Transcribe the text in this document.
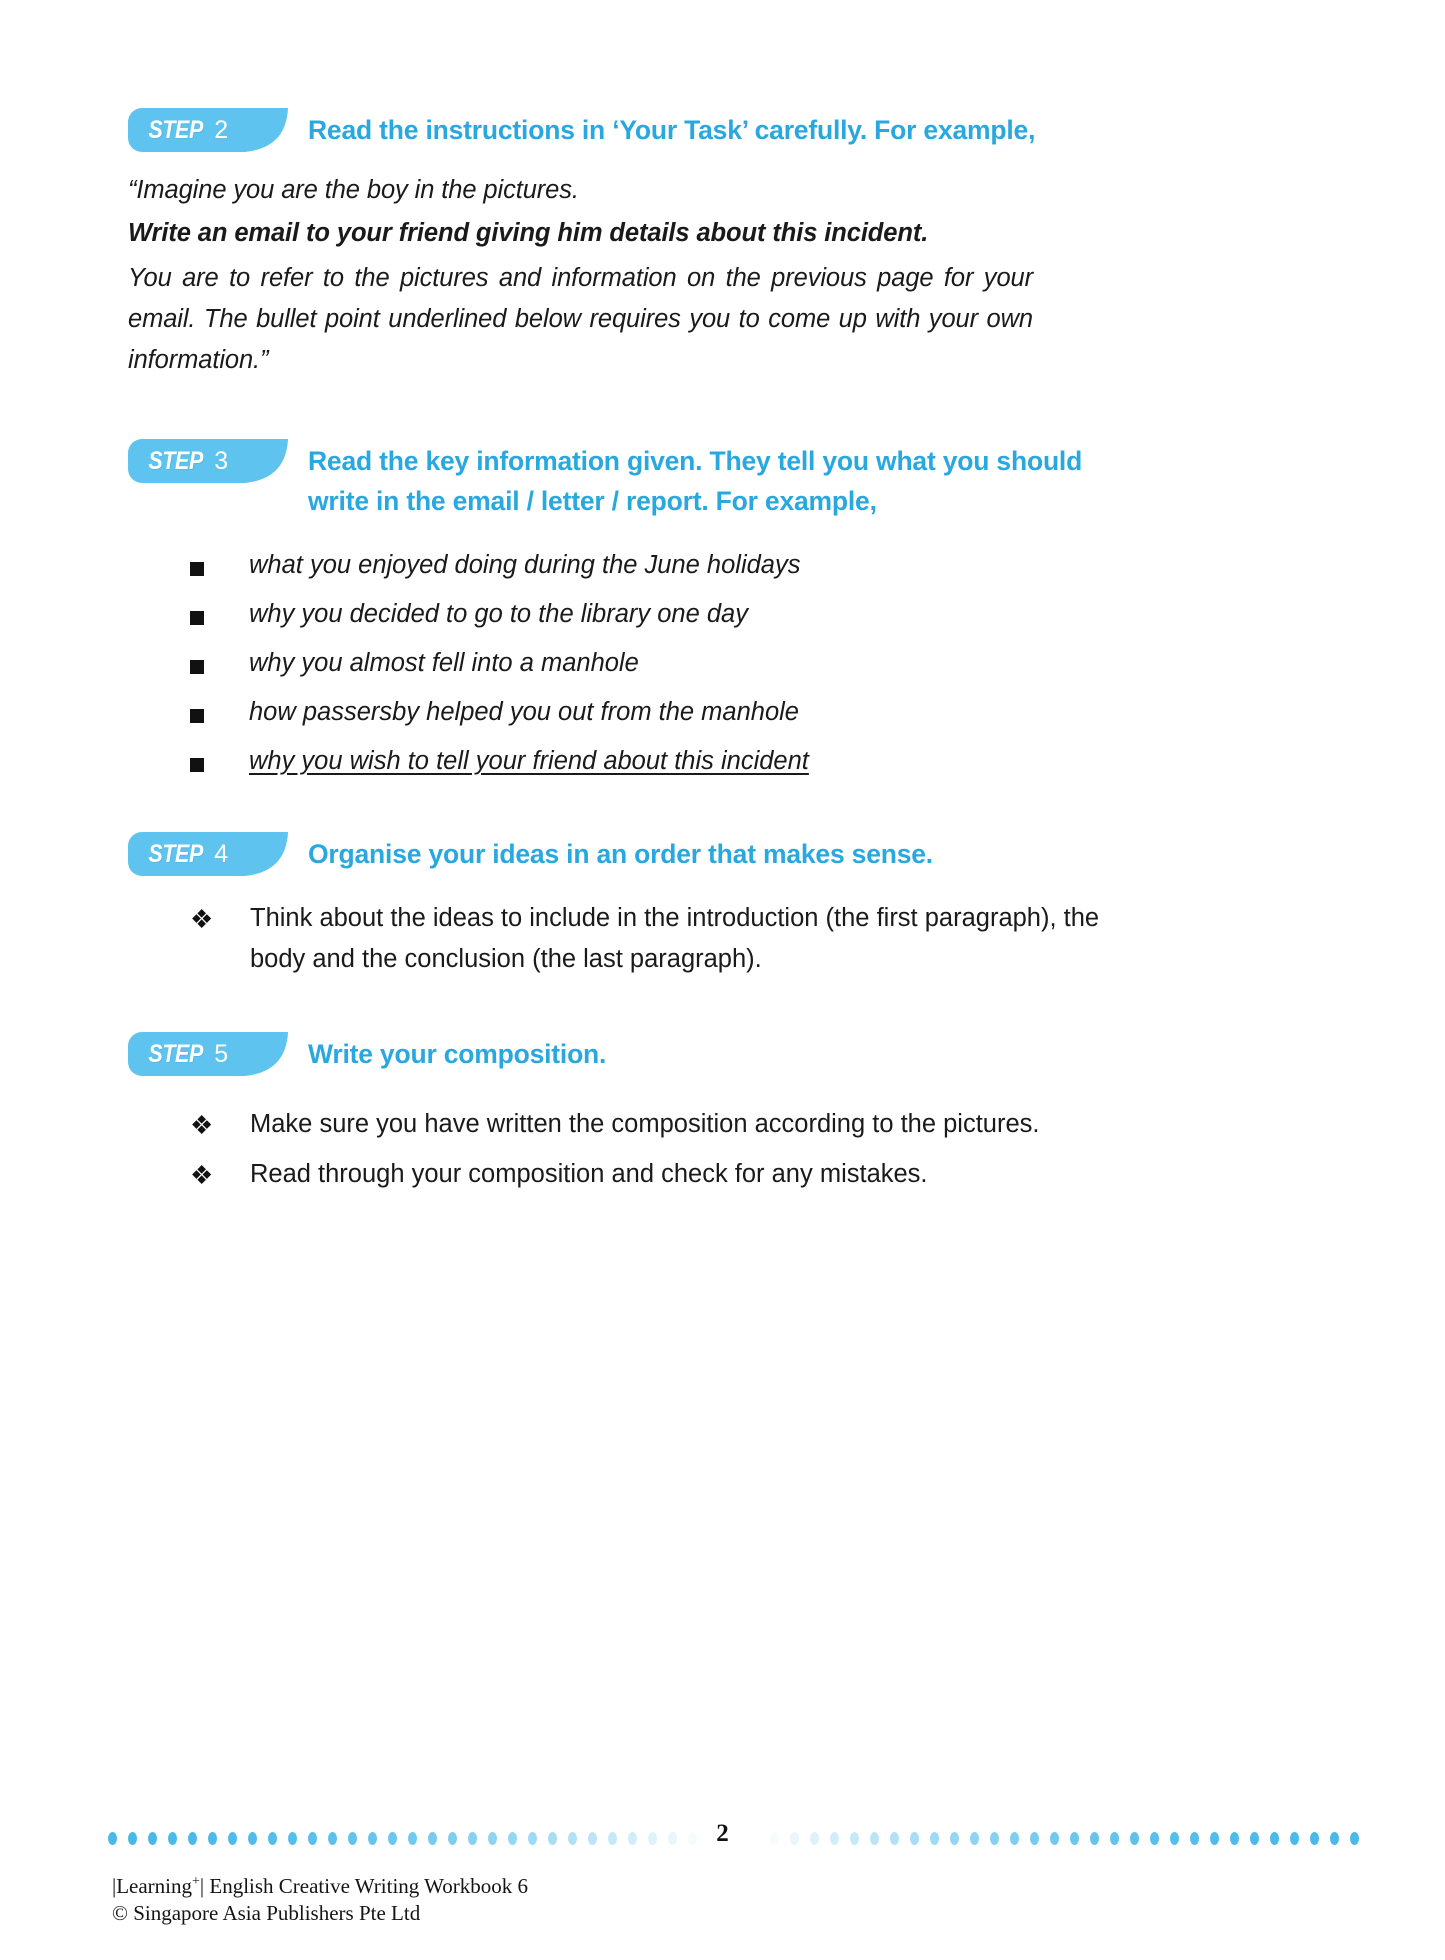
STEP 2	Read the instructions in ‘Your Task’ carefully. For example,
“Imagine you are the boy in the pictures.
Write an email to your friend giving him details about this incident.
You are to refer to the pictures and information on the previous page for your email. The bullet point underlined below requires you to come up with your own information.”
STEP 3	Read the key information given. They tell you what you should
write in the email / letter / report. For example,
what you enjoyed doing during the June holidays
why you decided to go to the library one day
why you almost fell into a manhole
how passersby helped you out from the manhole
why you wish to tell your friend about this incident
STEP 4	Organise your ideas in an order that makes sense.
❖ Think about the ideas to include in the introduction (the first paragraph), the body and the conclusion (the last paragraph).
STEP 5	Write your composition.
❖ Make sure you have written the composition according to the pictures.
❖ Read through your composition and check for any mistakes.
2
|Learning+| English Creative Writing Workbook 6
© Singapore Asia Publishers Pte Ltd
